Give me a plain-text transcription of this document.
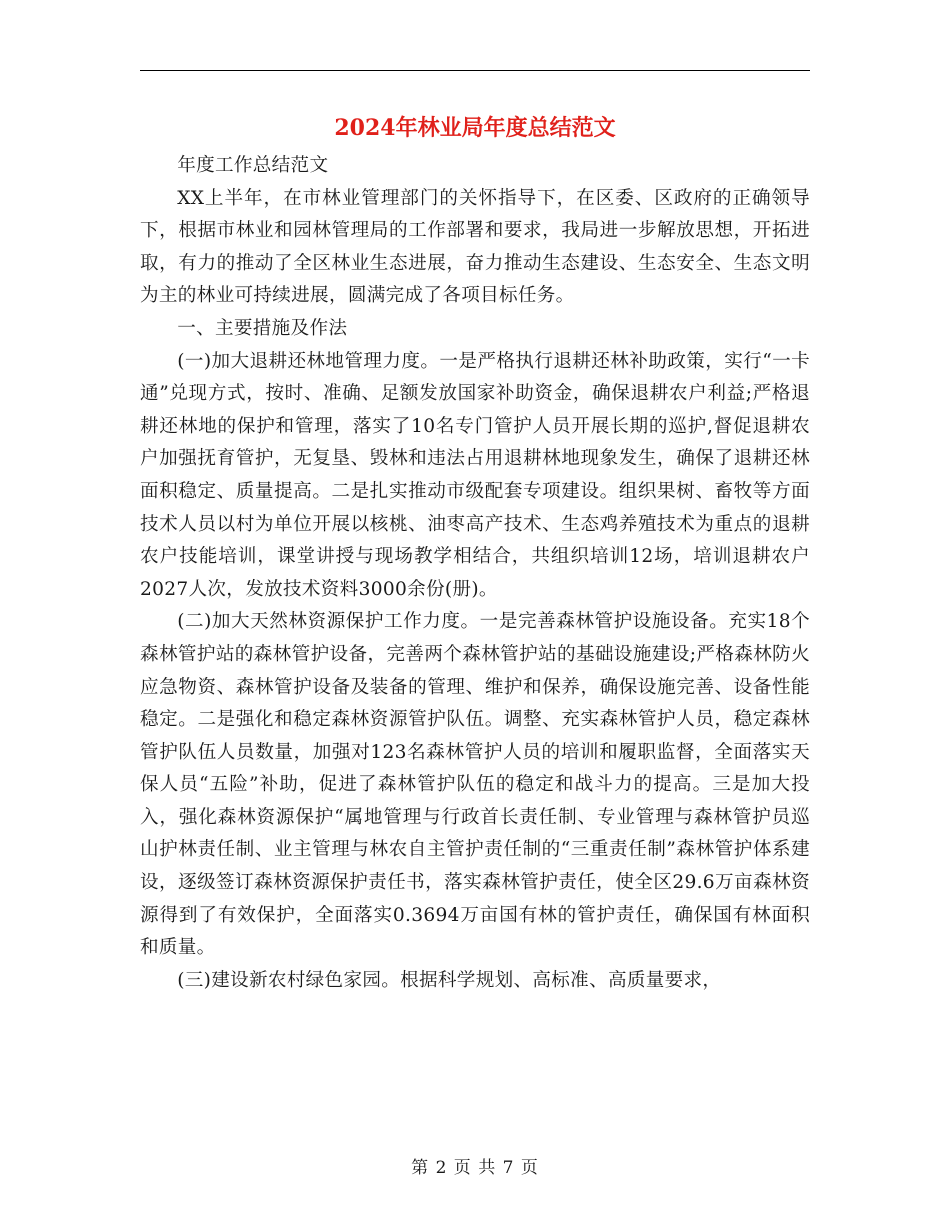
2024年林业局年度总结范文

年度工作总结范文

XX上半年，在市林业管理部门的关怀指导下，在区委、区政府的正确领导下，根据市林业和园林管理局的工作部署和要求，我局进一步解放思想，开拓进取，有力的推动了全区林业生态进展，奋力推动生态建设、生态安全、生态文明为主的林业可持续进展，圆满完成了各项目标任务。

一、主要措施及作法

(一)加大退耕还林地管理力度。一是严格执行退耕还林补助政策，实行“一卡通”兑现方式，按时、准确、足额发放国家补助资金，确保退耕农户利益;严格退耕还林地的保护和管理，落实了10名专门管护人员开展长期的巡护,督促退耕农户加强抚育管护，无复垦、毁林和违法占用退耕林地现象发生，确保了退耕还林面积稳定、质量提高。二是扎实推动市级配套专项建设。组织果树、畜牧等方面技术人员以村为单位开展以核桃、油枣高产技术、生态鸡养殖技术为重点的退耕农户技能培训，课堂讲授与现场教学相结合，共组织培训12场，培训退耕农户2027人次，发放技术资料3000余份(册)。

(二)加大天然林资源保护工作力度。一是完善森林管护设施设备。充实18个森林管护站的森林管护设备，完善两个森林管护站的基础设施建设;严格森林防火应急物资、森林管护设备及装备的管理、维护和保养，确保设施完善、设备性能稳定。二是强化和稳定森林资源管护队伍。调整、充实森林管护人员，稳定森林管护队伍人员数量，加强对123名森林管护人员的培训和履职监督，全面落实天保人员“五险”补助，促进了森林管护队伍的稳定和战斗力的提高。三是加大投入，强化森林资源保护“属地管理与行政首长责任制、专业管理与森林管护员巡山护林责任制、业主管理与林农自主管护责任制的“三重责任制”森林管护体系建设，逐级签订森林资源保护责任书，落实森林管护责任，使全区29.6万亩森林资源得到了有效保护，全面落实0.3694万亩国有林的管护责任，确保国有林面积和质量。

(三)建设新农村绿色家园。根据科学规划、高标准、高质量要求，

第 2 页 共 7 页
